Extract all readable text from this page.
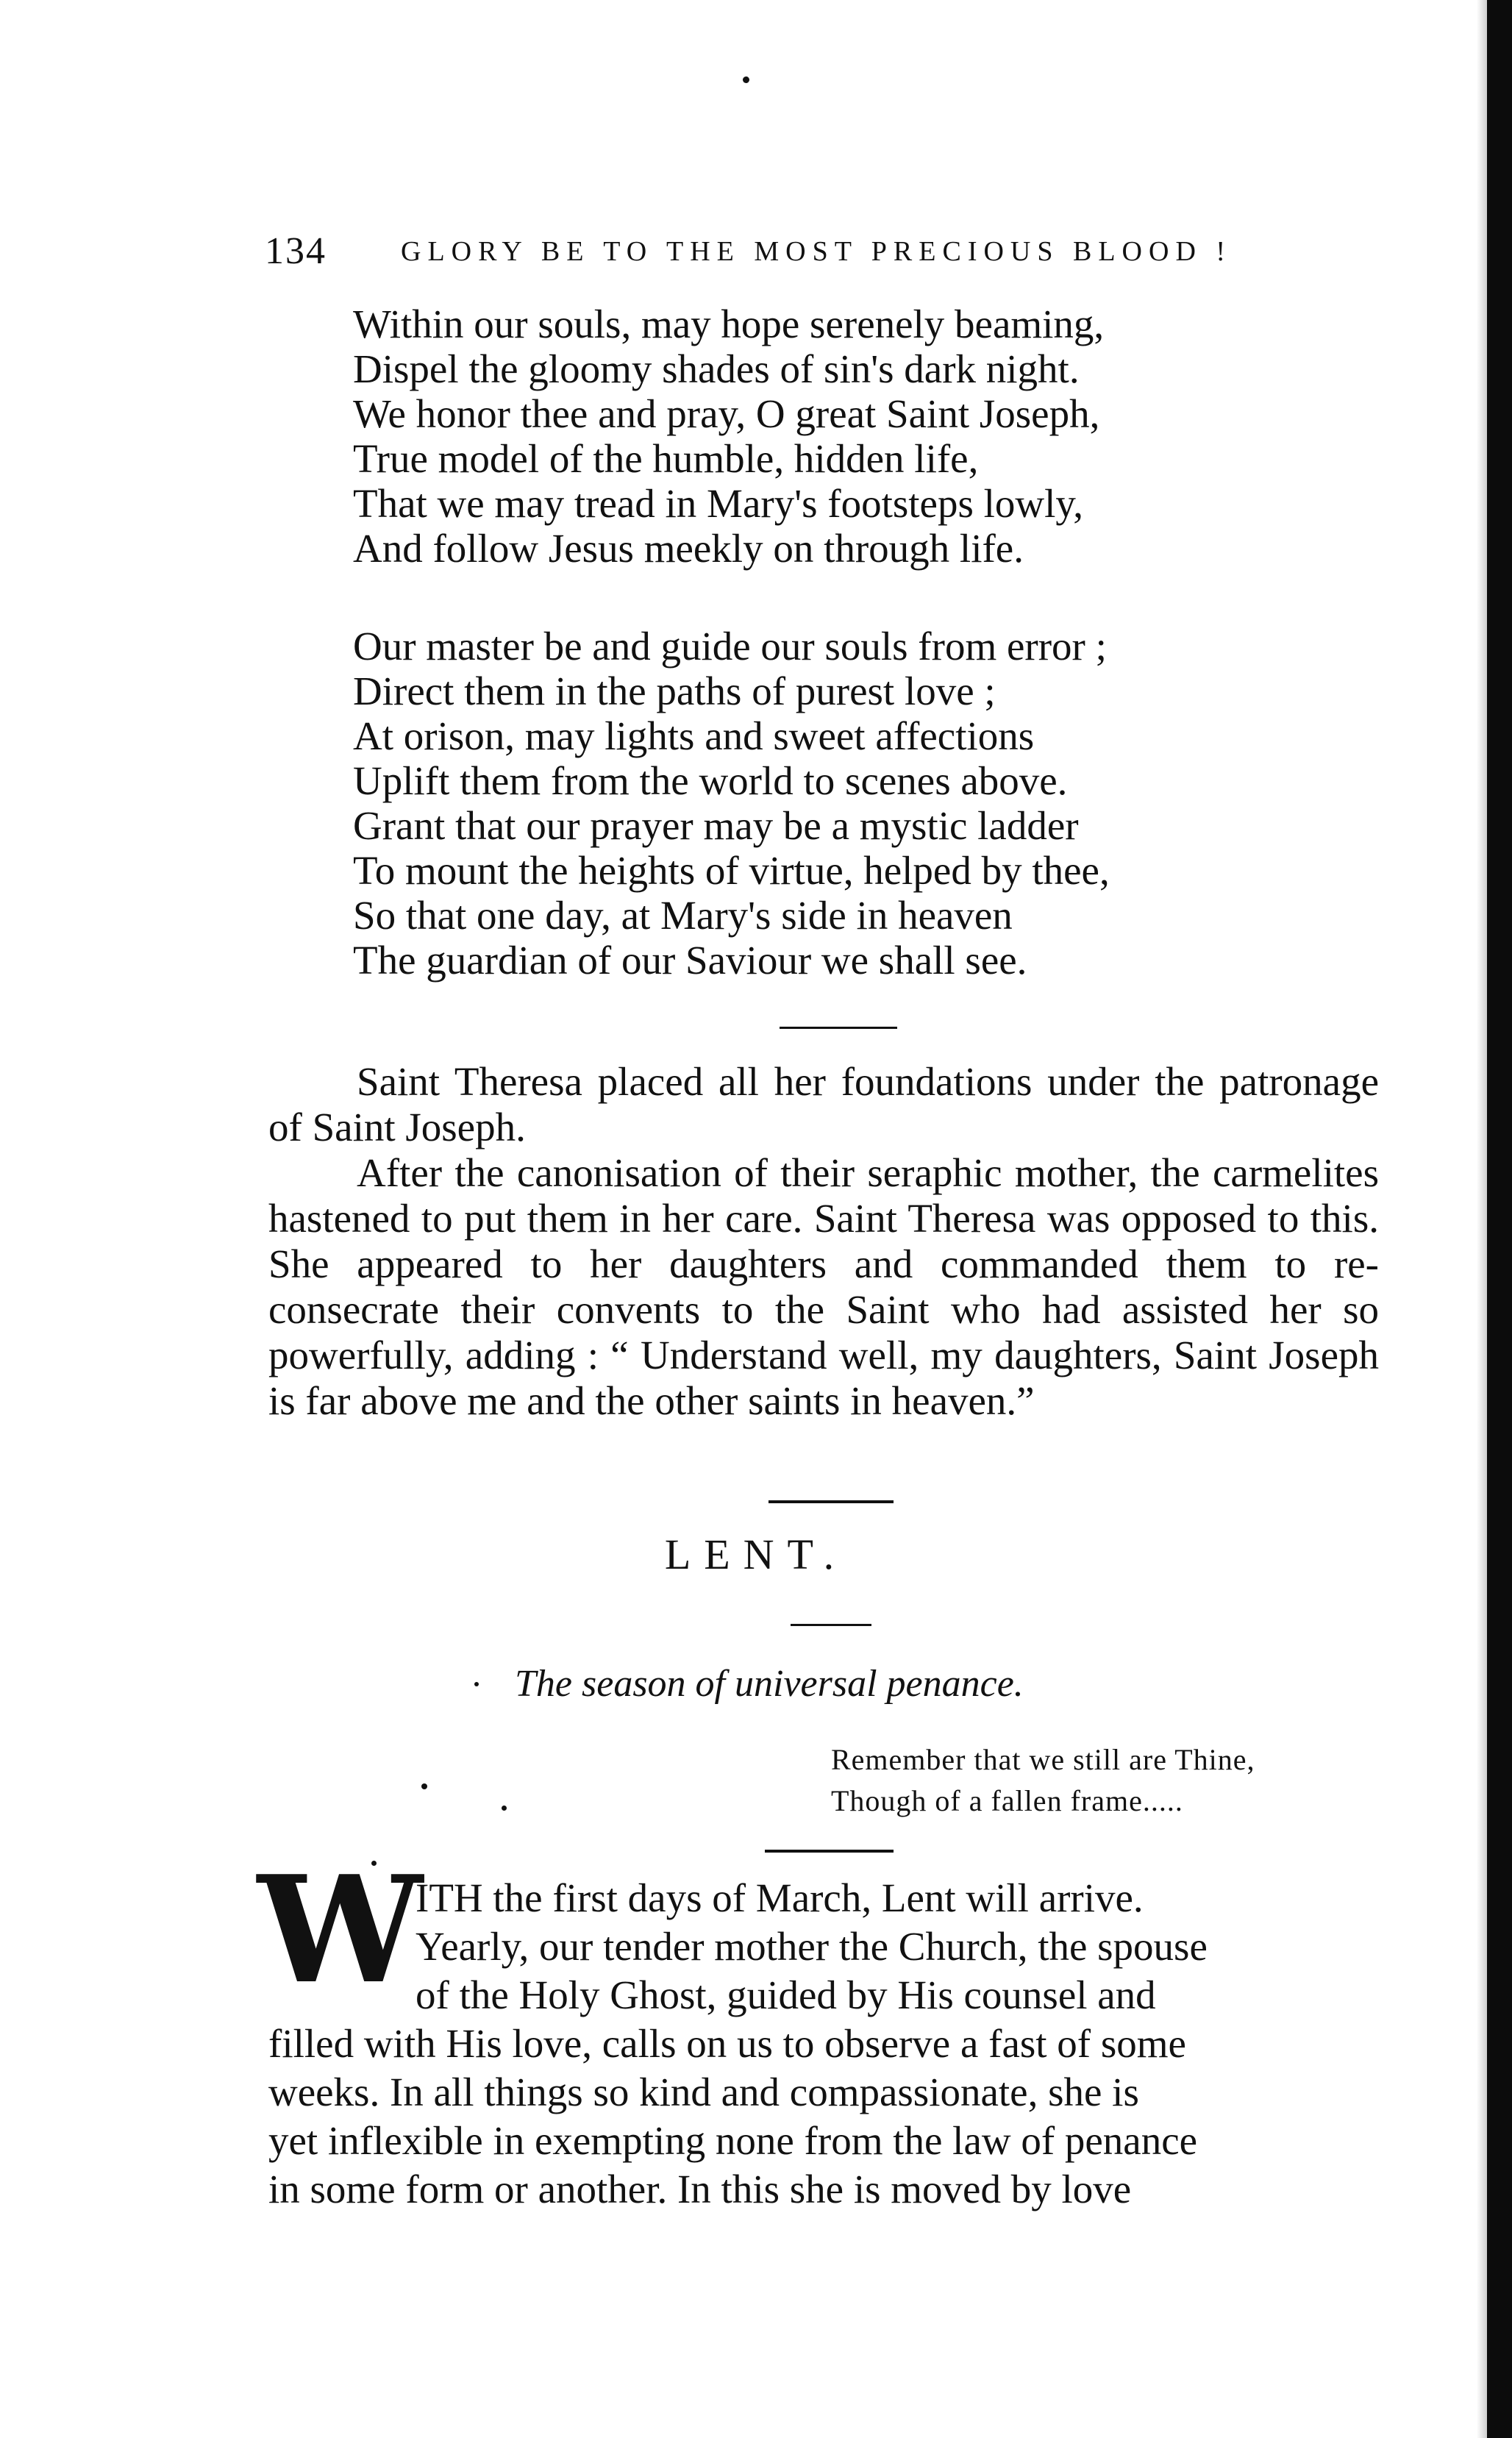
134	GLORY BE TO THE MOST PRECIOUS BLOOD !
Within our souls, may hope serenely beaming,
Dispel the gloomy shades of sin's dark night.
We honor thee and pray, O great Saint Joseph,
True model of the humble, hidden life,
That we may tread in Mary's footsteps lowly,
And follow Jesus meekly on through life.
Our master be and guide our souls from error ;
Direct them in the paths of purest love ;
At orison, may lights and sweet affections
Uplift them from the world to scenes above.
Grant that our prayer may be a mystic ladder
To mount the heights of virtue, helped by thee,
So that one day, at Mary's side in heaven
The guardian of our Saviour we shall see.

Saint Theresa placed all her foundations under the patronage of Saint Joseph.

After the canonisation of their seraphic mother, the carmelites hastened to put them in her care. Saint Theresa was opposed to this. She appeared to her daughters and commanded them to re-consecrate their convents to the Saint who had assisted her so powerfully, adding : “ Understand well, my daughters, Saint Joseph is far above me and the other saints in heaven.”

LENT.
The season of universal penance.
Remember that we still are Thine,
Though of a fallen frame.....
W
ITH the first days of March, Lent will arrive.
Yearly, our tender mother the Church, the spouse
of the Holy Ghost, guided by His counsel and
filled with His love, calls on us to observe a fast of some
weeks. In all things so kind and compassionate, she is
yet inflexible in exempting none from the law of penance
in some form or another. In this she is moved by love
